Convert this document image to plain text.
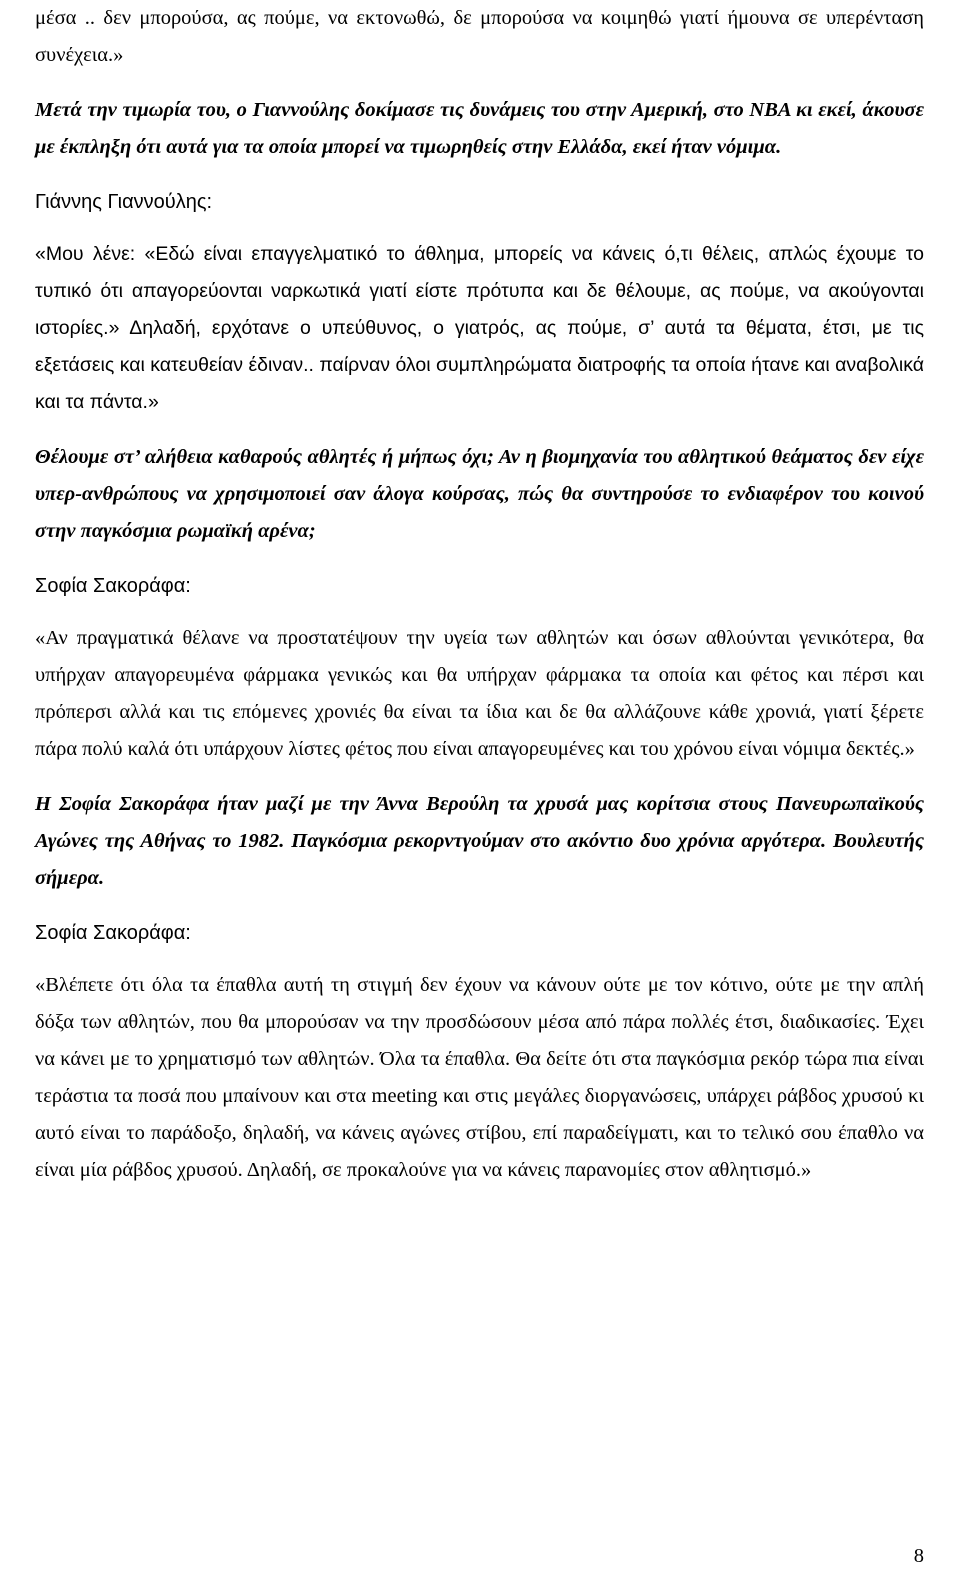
μέσα .. δεν μπορούσα, ας πούμε, να εκτονωθώ, δε μπορούσα να κοιμηθώ γιατί ήμουνα σε υπερένταση συνέχεια.»

Μετά την τιμωρία του, ο Γιαννούλης δοκίμασε τις δυνάμεις του στην Αμερική, στο ΝΒΑ κι εκεί, άκουσε με έκπληξη ότι αυτά για τα οποία μπορεί να τιμωρηθείς στην Ελλάδα, εκεί ήταν νόμιμα.

Γιάννης Γιαννούλης:

«Μου λένε: «Εδώ είναι επαγγελματικό το άθλημα, μπορείς να κάνεις ό,τι θέλεις, απλώς έχουμε το τυπικό ότι απαγορεύονται ναρκωτικά γιατί είστε πρότυπα και δε θέλουμε, ας πούμε, να ακούγονται ιστορίες.» Δηλαδή, ερχότανε ο υπεύθυνος, ο γιατρός, ας πούμε, σ’ αυτά τα θέματα, έτσι, με τις εξετάσεις και κατευθείαν έδιναν.. παίρναν όλοι συμπληρώματα διατροφής τα οποία ήτανε και αναβολικά και τα πάντα.»

Θέλουμε στ’ αλήθεια καθαρούς αθλητές ή μήπως όχι; Αν η βιομηχανία του αθλητικού θεάματος δεν είχε υπερ-ανθρώπους να χρησιμοποιεί σαν άλογα κούρσας, πώς θα συντηρούσε το ενδιαφέρον του κοινού στην παγκόσμια ρωμαϊκή αρένα;

Σοφία Σακοράφα:

«Αν πραγματικά θέλανε να προστατέψουν την υγεία των αθλητών και όσων αθλούνται γενικότερα, θα υπήρχαν απαγορευμένα φάρμακα γενικώς και θα υπήρχαν φάρμακα τα οποία και φέτος και πέρσι και πρόπερσι αλλά και τις επόμενες χρονιές θα είναι τα ίδια και δε θα αλλάζουνε κάθε χρονιά, γιατί ξέρετε πάρα πολύ καλά ότι υπάρχουν λίστες φέτος που είναι απαγορευμένες και του χρόνου είναι νόμιμα δεκτές.»

Η Σοφία Σακοράφα ήταν μαζί με την Άννα Βερούλη τα χρυσά μας κορίτσια στους Πανευρωπαϊκούς Αγώνες της Αθήνας το 1982. Παγκόσμια ρεκορντγούμαν στο ακόντιο δυο χρόνια αργότερα. Βουλευτής σήμερα.

Σοφία Σακοράφα:

«Βλέπετε ότι όλα τα έπαθλα αυτή τη στιγμή δεν έχουν να κάνουν ούτε με τον κότινο, ούτε με την απλή δόξα των αθλητών, που θα μπορούσαν να την προσδώσουν μέσα από πάρα πολλές έτσι, διαδικασίες. Έχει να κάνει με το χρηματισμό των αθλητών. Όλα τα έπαθλα. Θα δείτε ότι στα παγκόσμια ρεκόρ τώρα πια είναι τεράστια τα ποσά που μπαίνουν και στα meeting και στις μεγάλες διοργανώσεις, υπάρχει ράβδος χρυσού κι αυτό είναι το παράδοξο, δηλαδή, να κάνεις αγώνες στίβου, επί παραδείγματι, και το τελικό σου έπαθλο να είναι μία ράβδος χρυσού. Δηλαδή, σε προκαλούνε για να κάνεις παρανομίες στον αθλητισμό.»

8
